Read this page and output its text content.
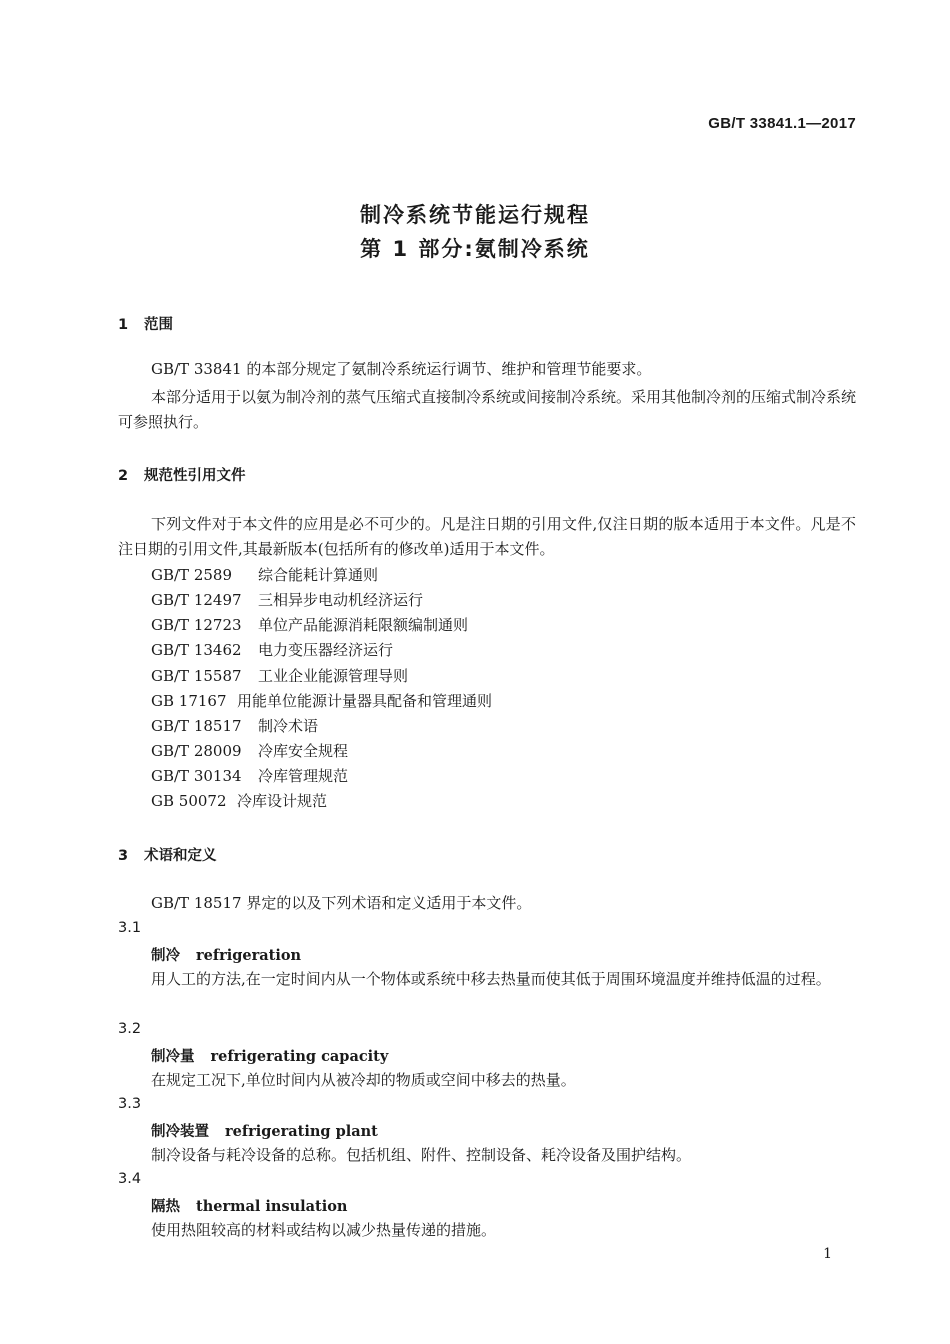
GB/T 33841.1—2017
制冷系统节能运行规程
第 1 部分:氨制冷系统
1 范围
GB/T 33841 的本部分规定了氨制冷系统运行调节、维护和管理节能要求。
本部分适用于以氨为制冷剂的蒸气压缩式直接制冷系统或间接制冷系统。采用其他制冷剂的压缩式制冷系统可参照执行。
2 规范性引用文件
下列文件对于本文件的应用是必不可少的。凡是注日期的引用文件,仅注日期的版本适用于本文件。凡是不注日期的引用文件,其最新版本(包括所有的修改单)适用于本文件。
GB/T 2589 综合能耗计算通则
GB/T 12497 三相异步电动机经济运行
GB/T 12723 单位产品能源消耗限额编制通则
GB/T 13462 电力变压器经济运行
GB/T 15587 工业企业能源管理导则
GB 17167 用能单位能源计量器具配备和管理通则
GB/T 18517 制冷术语
GB/T 28009 冷库安全规程
GB/T 30134 冷库管理规范
GB 50072 冷库设计规范
3 术语和定义
GB/T 18517 界定的以及下列术语和定义适用于本文件。
3.1
制冷 refrigeration
用人工的方法,在一定时间内从一个物体或系统中移去热量而使其低于周围环境温度并维持低温的过程。
3.2
制冷量 refrigerating capacity
在规定工况下,单位时间内从被冷却的物质或空间中移去的热量。
3.3
制冷装置 refrigerating plant
制冷设备与耗冷设备的总称。包括机组、附件、控制设备、耗冷设备及围护结构。
3.4
隔热 thermal insulation
使用热阻较高的材料或结构以减少热量传递的措施。
1
